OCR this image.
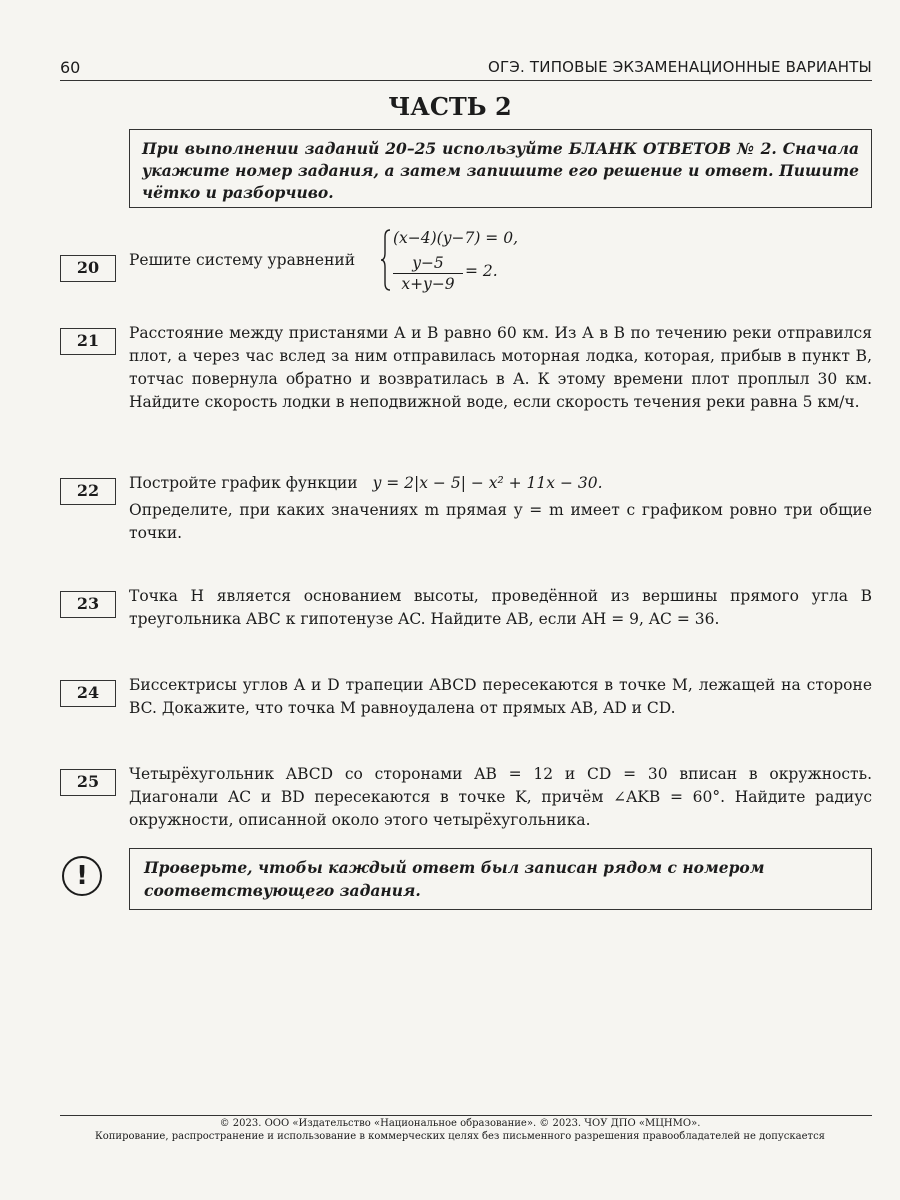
60	ОГЭ. ТИПОВЫЕ ЭКЗАМЕНАЦИОННЫЕ ВАРИАНТЫ
ЧАСТЬ 2
При выполнении заданий 20–25 используйте БЛАНК ОТВЕТОВ № 2. Сначала укажите номер задания, а затем запишите его решение и ответ. Пишите чётко и разборчиво.
20	Решите систему уравнений
(x−4)(y−7) = 0,
y−5
x+y−9
= 2.
21	Расстояние между пристанями А и В равно 60 км. Из А в В по течению реки отправился плот, а через час вслед за ним отправилась моторная лодка, которая, прибыв в пункт В, тотчас повернула обратно и возвратилась в А. К этому времени плот проплыл 30 км. Найдите скорость лодки в неподвижной воде, если скорость течения реки равна 5 км/ч.
22	Постройте график функции y = 2|x − 5| − x² + 11x − 30.
Определите, при каких значениях m прямая y = m имеет с графиком ровно три общие точки.
23	Точка H является основанием высоты, проведённой из вершины прямого угла B треугольника ABC к гипотенузе AC. Найдите AB, если AH = 9, AC = 36.
24	Биссектрисы углов A и D трапеции ABCD пересекаются в точке M, лежащей на стороне BC. Докажите, что точка M равноудалена от прямых AB, AD и CD.
25	Четырёхугольник ABCD со сторонами AB = 12 и CD = 30 вписан в окружность. Диагонали AC и BD пересекаются в точке K, причём ∠AKB = 60°. Найдите радиус окружности, описанной около этого четырёхугольника.
!	Проверьте, чтобы каждый ответ был записан рядом с номером соответствующего задания.
© 2023. ООО «Издательство «Национальное образование». © 2023. ЧОУ ДПО «МЦНМО».
Копирование, распространение и использование в коммерческих целях без письменного разрешения правообладателей не допускается
